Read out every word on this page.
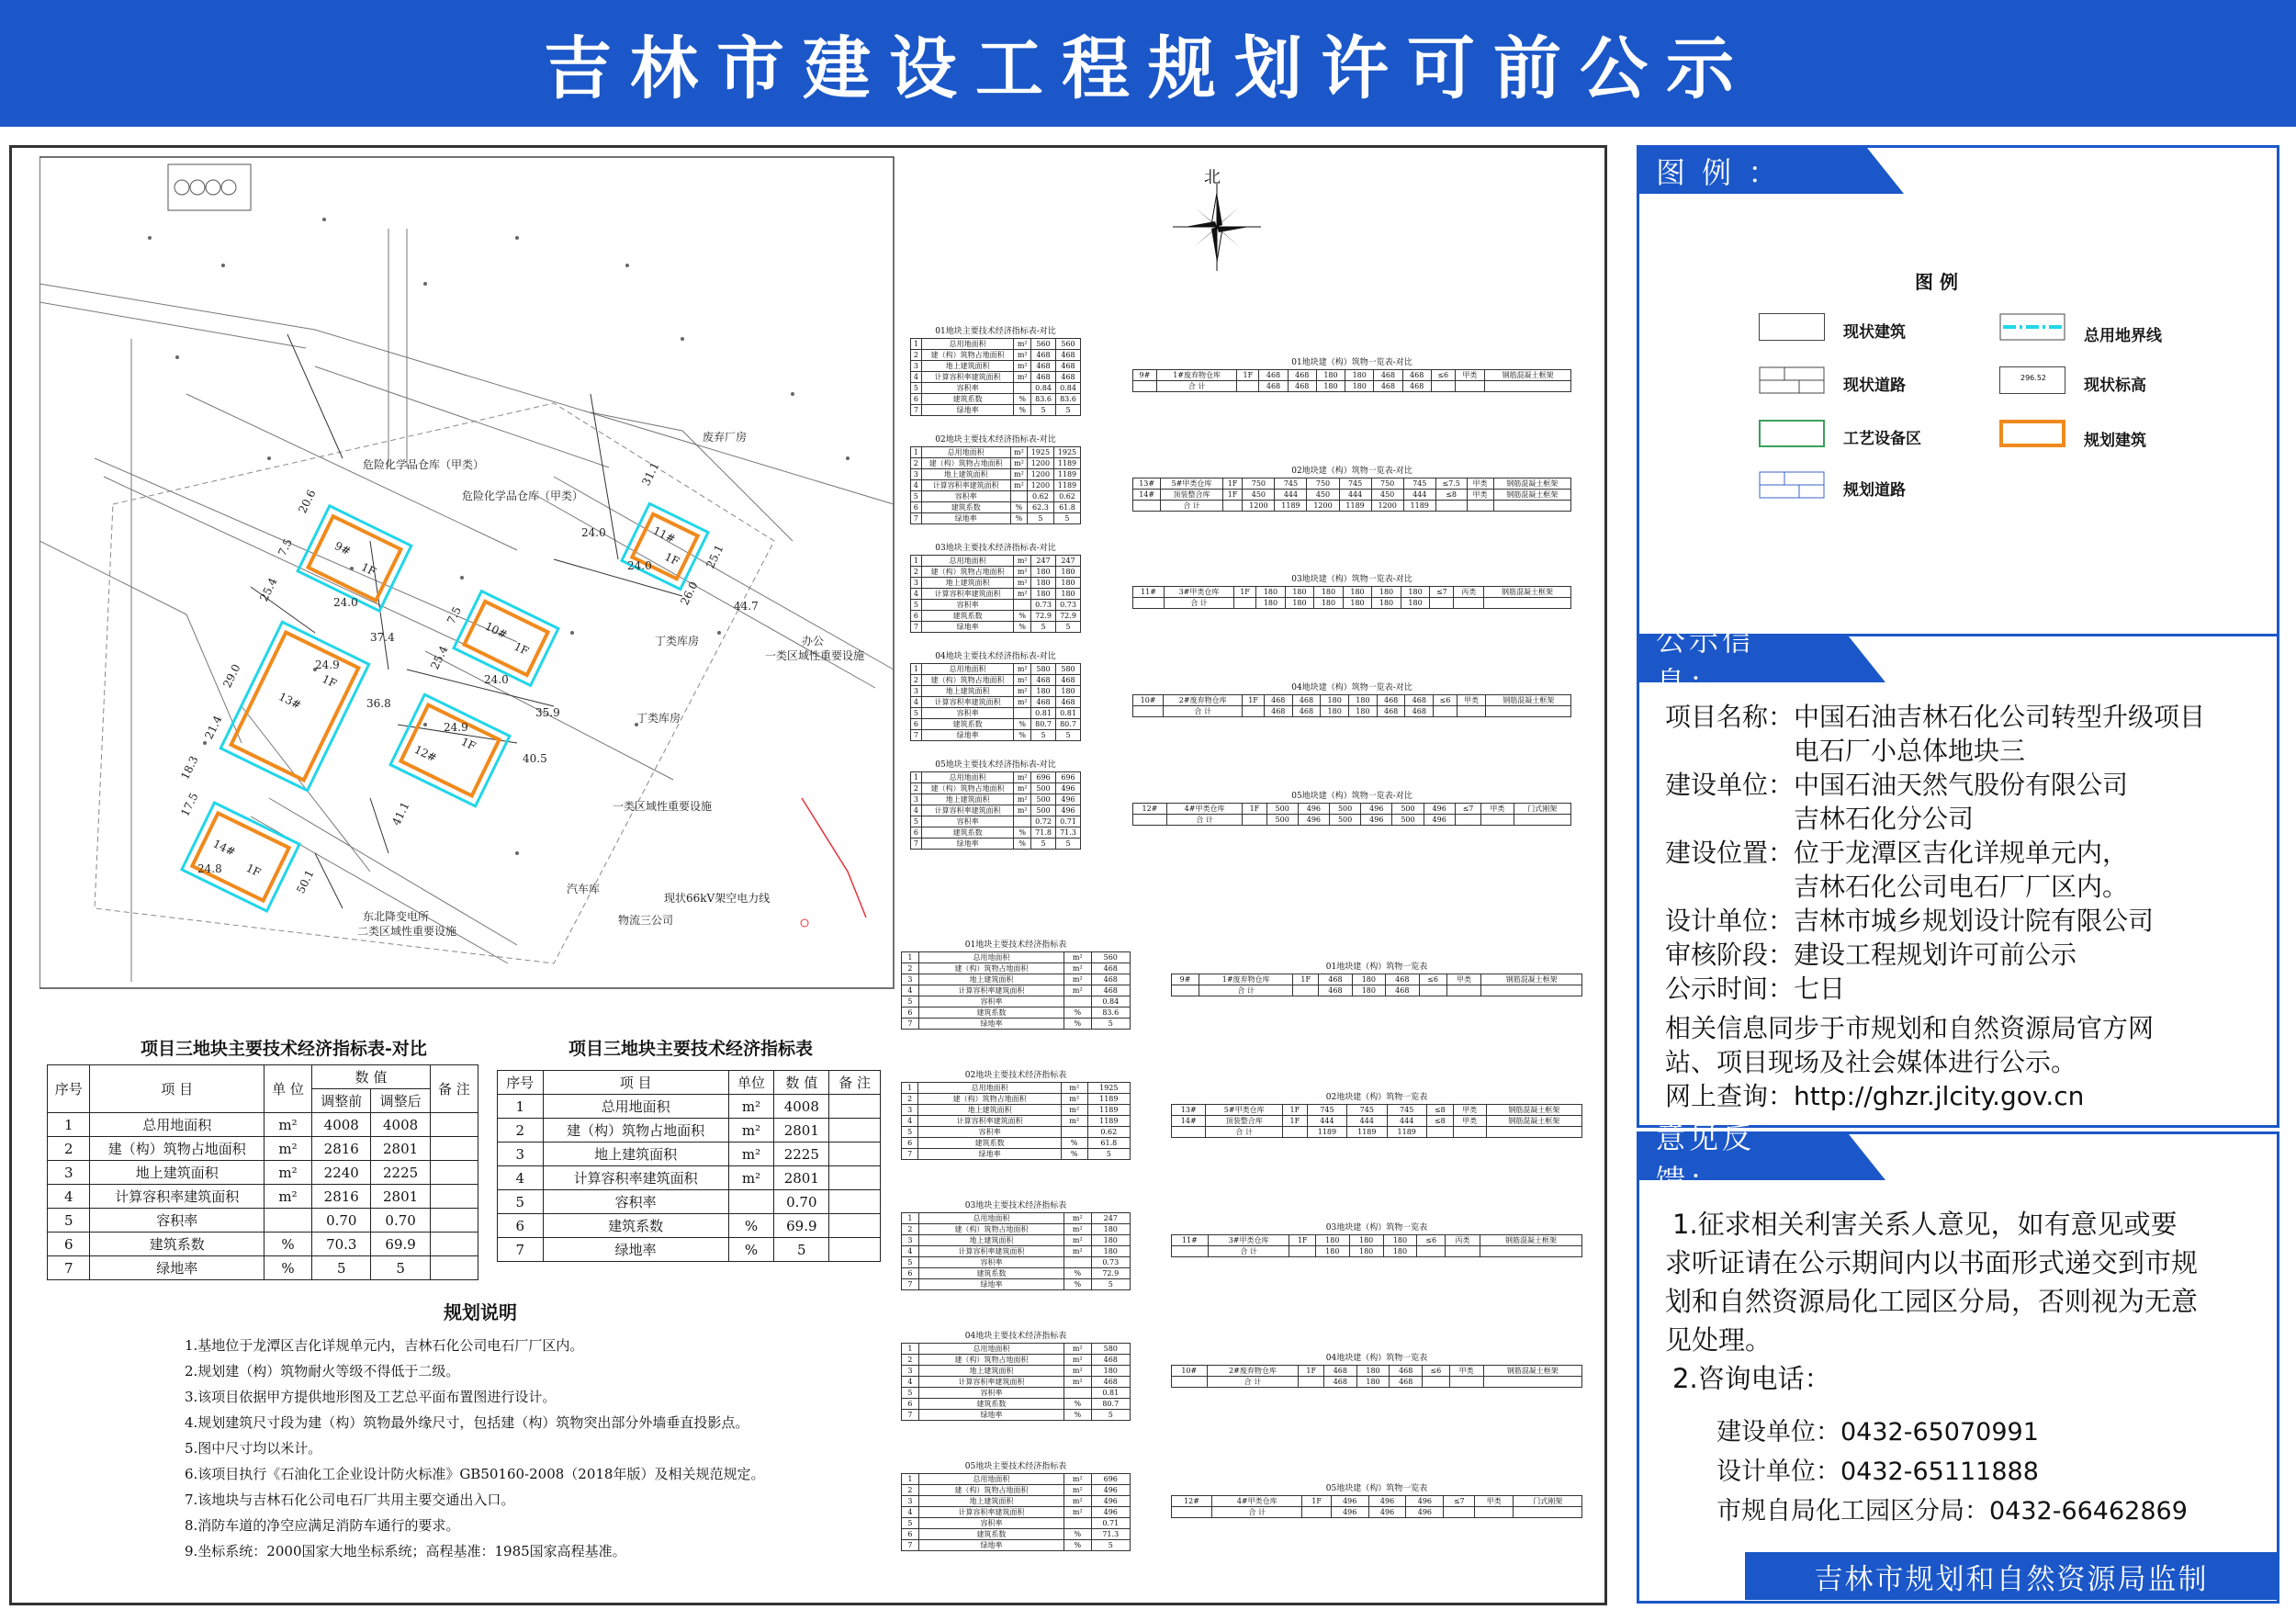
吉林市建设工程规划许可前公示
9#
1F
11#
1F
10#
1F
13#
1F
12# 1F
14#
1F
废弃厂房
危险化学品仓库（甲类）
危险化学品仓库（甲类）
办公
一类区域性重要设施
丁类库房
丁类库房
一类区域性重要设施
汽车库
东北降变电所
二类区域性重要设施
物流三公司
现状66kV架空电力线
20.6
31.1
7.5
24.0
25.4
24.0	25.1
26.0	44.7
24.0
37.4
24.0
29.0	24.9
36.8
35.9
21.4
18.3
24.9
40.5
17.5
24.8
41.1
50.1
7.5
25.4
北
01地块主要技术经济指标表-对比
1	总用地面积	m²	560	560
2	建（构）筑物占地面积	m²	468	468
3	地上建筑面积	m²	468	468
4	计算容积率建筑面积	m²	468	468
5	容积率		0.84	0.84
6	建筑系数	%	83.6	83.6
7	绿地率	%	5	5
02地块主要技术经济指标表-对比
1	总用地面积	m²	1925	1925
2	建（构）筑物占地面积	m²	1200	1189
3	地上建筑面积	m²	1200	1189
4	计算容积率建筑面积	m²	1200	1189
5	容积率		0.62	0.62
6	建筑系数	%	62.3	61.8
7	绿地率	%	5	5
03地块主要技术经济指标表-对比
1	总用地面积	m²	247	247
2	建（构）筑物占地面积	m²	180	180
3	地上建筑面积	m²	180	180
4	计算容积率建筑面积	m²	180	180
5	容积率		0.73	0.73
6	建筑系数	%	72.9	72.9
7	绿地率	%	5	5
04地块主要技术经济指标表-对比
1	总用地面积	m²	580	580
2	建（构）筑物占地面积	m²	468	468
3	地上建筑面积	m²	180	180
4	计算容积率建筑面积	m²	468	468
5	容积率		0.81	0.81
6	建筑系数	%	80.7	80.7
7	绿地率	%	5	5
05地块主要技术经济指标表-对比
1	总用地面积	m²	696	696
2	建（构）筑物占地面积	m²	500	496
3	地上建筑面积	m²	500	496
4	计算容积率建筑面积	m²	500	496
5	容积率		0.72	0.71
6	建筑系数	%	71.8	71.3
7	绿地率	%	5	5
01地块建（构）筑物一览表-对比
9#	1#废弃物仓库	1F	468	468	180	180	468	468	≤6	甲类	钢筋混凝土框架
	合 计		468	468	180	180	468	468			
02地块建（构）筑物一览表-对比
13#	5#甲类仓库	1F	750	745	750	745	750	745	≤7.5	甲类	钢筋混凝土框架
14#	顶装整合库	1F	450	444	450	444	450	444	≤8	甲类	钢筋混凝土框架
	合 计		1200	1189	1200	1189	1200	1189			
03地块建（构）筑物一览表-对比
11#	3#甲类仓库	1F	180	180	180	180	180	180	≤7	丙类	钢筋混凝土框架
	合 计		180	180	180	180	180	180			
04地块建（构）筑物一览表-对比
10#	2#废弃物仓库	1F	468	468	180	180	468	468	≤6	甲类	钢筋混凝土框架
	合 计		468	468	180	180	468	468			
05地块建（构）筑物一览表-对比
12#	4#甲类仓库	1F	500	496	500	496	500	496	≤7	甲类	门式刚架
	合 计		500	496	500	496	500	496			
01地块主要技术经济指标表
1	总用地面积	m²	560
2	建（构）筑物占地面积	m²	468
3	地上建筑面积	m²	468
4	计算容积率建筑面积	m²	468
5	容积率		0.84
6	建筑系数	%	83.6
7	绿地率	%	5
02地块主要技术经济指标表
1	总用地面积	m²	1925
2	建（构）筑物占地面积	m²	1189
3	地上建筑面积	m²	1189
4	计算容积率建筑面积	m²	1189
5	容积率		0.62
6	建筑系数	%	61.8
7	绿地率	%	5
03地块主要技术经济指标表
1	总用地面积	m²	247
2	建（构）筑物占地面积	m²	180
3	地上建筑面积	m²	180
4	计算容积率建筑面积	m²	180
5	容积率		0.73
6	建筑系数	%	72.9
7	绿地率	%	5
04地块主要技术经济指标表
1	总用地面积	m²	580
2	建（构）筑物占地面积	m²	468
3	地上建筑面积	m²	180
4	计算容积率建筑面积	m²	468
5	容积率		0.81
6	建筑系数	%	80.7
7	绿地率	%	5
05地块主要技术经济指标表
1	总用地面积	m²	696
2	建（构）筑物占地面积	m²	496
3	地上建筑面积	m²	496
4	计算容积率建筑面积	m²	496
5	容积率		0.71
6	建筑系数	%	71.3
7	绿地率	%	5
01地块建（构）筑物一览表
9#	1#废弃物仓库	1F	468	180	468	≤6	甲类	钢筋混凝土框架
	合 计		468	180	468			
02地块建（构）筑物一览表
13#	5#甲类仓库	1F	745	745	745	≤8	甲类	钢筋混凝土框架
14#	顶装整合库	1F	444	444	444	≤8	甲类	钢筋混凝土框架
	合 计		1189	1189	1189			
03地块建（构）筑物一览表
11#	3#甲类仓库	1F	180	180	180	≤6	丙类	钢筋混凝土框架
	合 计		180	180	180			
04地块建（构）筑物一览表
10#	2#废弃物仓库	1F	468	180	468	≤6	甲类	钢筋混凝土框架
	合 计		468	180	468			
05地块建（构）筑物一览表
12#	4#甲类仓库	1F	496	496	496	≤7	甲类	门式刚架
	合 计		496	496	496			
项目三地块主要技术经济指标表-对比
序号	项 目	单 位	数 值		备 注
			调整前	调整后	
1	总用地面积	m²	4008	4008	
2	建（构）筑物占地面积	m²	2816	2801	
3	地上建筑面积	m²	2240	2225	
4	计算容积率建筑面积	m²	2816	2801	
5	容积率		0.70	0.70	
6	建筑系数	%	70.3	69.9	
7	绿地率	%	5	5	
项目三地块主要技术经济指标表
序号	项 目	单位	数 值	备 注
1	总用地面积	m²	4008	
2	建（构）筑物占地面积	m²	2801	
3	地上建筑面积	m²	2225	
4	计算容积率建筑面积	m²	2801	
5	容积率		0.70	
6	建筑系数	%	69.9	
7	绿地率	%	5	
规划说明
1.基地位于龙潭区吉化详规单元内，吉林石化公司电石厂厂区内。
2.规划建（构）筑物耐火等级不得低于二级。
3.该项目依据甲方提供地形图及工艺总平面布置图进行设计。
4.规划建筑尺寸段为建（构）筑物最外缘尺寸，包括建（构）筑物突出部分外墙垂直投影点。
5.图中尺寸均以米计。
6.该项目执行《石油化工企业设计防火标准》GB50160-2008（2018年版）及相关规范规定。
7.该地块与吉林石化公司电石厂共用主要交通出入口。
8.消防车道的净空应满足消防车通行的要求。
9.坐标系统：2000国家大地坐标系统；高程基准：1985国家高程基准。
图 例 ：
图 例
现状建筑	总用地界线
现状道路	296.52 现状标高
工艺设备区	规划建筑
规划道路
公示信息：
项目名称：中国石油吉林石化公司转型升级项目
　　　　　电石厂小总体地块三
建设单位：中国石油天然气股份有限公司
　　　　　吉林石化分公司
建设位置：位于龙潭区吉化详规单元内，
　　　　　吉林石化公司电石厂厂区内。
设计单位：吉林市城乡规划设计院有限公司
审核阶段：建设工程规划许可前公示
公示时间：七日
相关信息同步于市规划和自然资源局官方网
站、项目现场及社会媒体进行公示。
网上查询：http://ghzr.jlcity.gov.cn
意见反馈：
1.征求相关利害关系人意见，如有意见或要
求听证请在公示期间内以书面形式递交到市规
划和自然资源局化工园区分局，否则视为无意
见处理。
2.咨询电话：
建设单位：0432-65070991
设计单位：0432-65111888
市规自局化工园区分局：0432-66462869
吉林市规划和自然资源局监制
